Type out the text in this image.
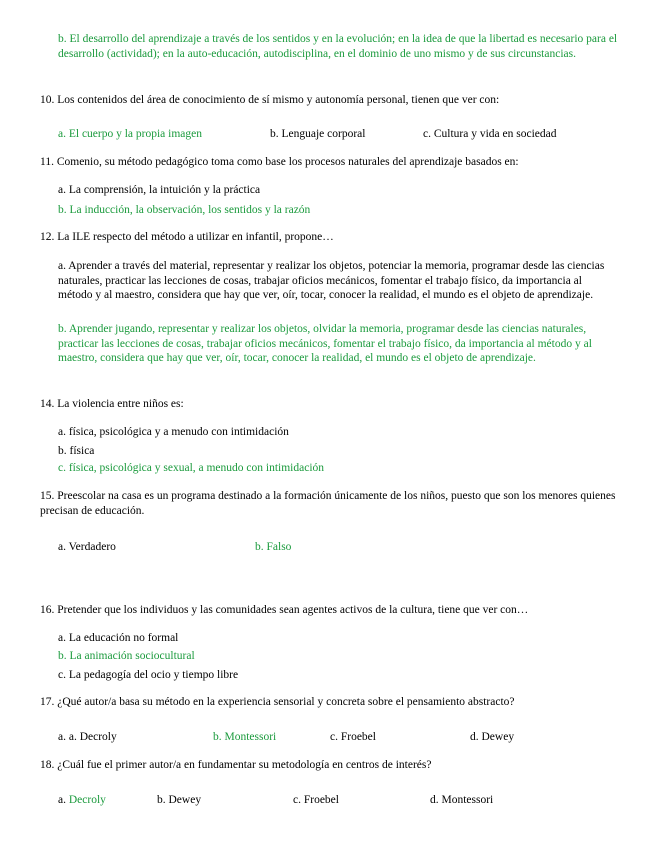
b. El desarrollo del aprendizaje a través de los sentidos y en la evolución; en la idea de que la libertad es necesario para el desarrollo (actividad); en la auto-educación, autodisciplina, en el dominio de uno mismo y de sus circunstancias.
10. Los contenidos del área de conocimiento de sí mismo y autonomía personal, tienen que ver con:
a. El cuerpo y la propia imagen	b. Lenguaje corporal	c. Cultura y vida en sociedad
11. Comenio, su método pedagógico toma como base los procesos naturales del aprendizaje basados en:
a. La comprensión, la intuición y la práctica
b. La inducción, la observación, los sentidos y la razón
12. La ILE respecto del método a utilizar en infantil, propone…
a. Aprender a través del material, representar y realizar los objetos, potenciar la memoria, programar desde las ciencias naturales, practicar las lecciones de cosas, trabajar oficios mecánicos, fomentar el trabajo físico, da importancia al método y al maestro, considera que hay que ver, oír, tocar, conocer la realidad, el mundo es el objeto de aprendizaje.
b. Aprender jugando, representar y realizar los objetos, olvidar la memoria, programar desde las ciencias naturales, practicar las lecciones de cosas, trabajar oficios mecánicos, fomentar el trabajo físico, da importancia al método y al maestro, considera que hay que ver, oír, tocar, conocer la realidad, el mundo es el objeto de aprendizaje.
14. La violencia entre niños es:
a. física, psicológica y a menudo con intimidación
b. física
c. física, psicológica y sexual, a menudo con intimidación
15. Preescolar na casa es un programa destinado a la formación únicamente de los niños, puesto que son los menores quienes precisan de educación.
a. Verdadero	b. Falso
16. Pretender que los individuos y las comunidades sean agentes activos de la cultura, tiene que ver con…
a. La educación no formal
b. La animación sociocultural
c. La pedagogía del ocio y tiempo libre
17. ¿Qué autor/a basa su método en la experiencia sensorial y concreta sobre el pensamiento abstracto?
a. a. Decroly	b. Montessori	c. Froebel	d. Dewey
18. ¿Cuál fue el primer autor/a en fundamentar su metodología en centros de interés?
a. Decroly	b. Dewey	c. Froebel	d. Montessori
